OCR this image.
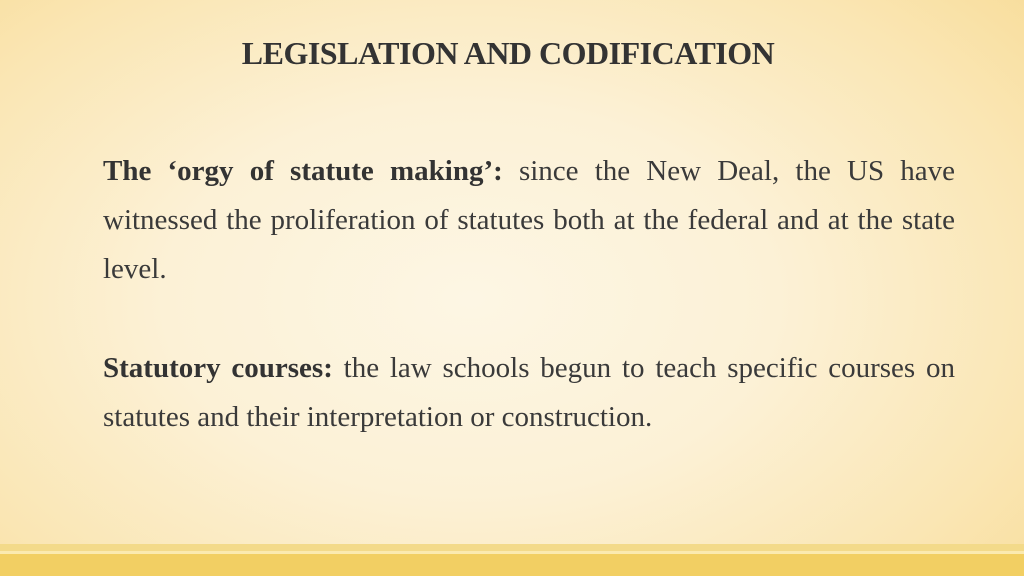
LEGISLATION AND CODIFICATION

The ‘orgy of statute making’: since the New Deal, the US have witnessed the proliferation of statutes both at the federal and at the state level.

Statutory courses: the law schools begun to teach specific courses on statutes and their interpretation or construction.
